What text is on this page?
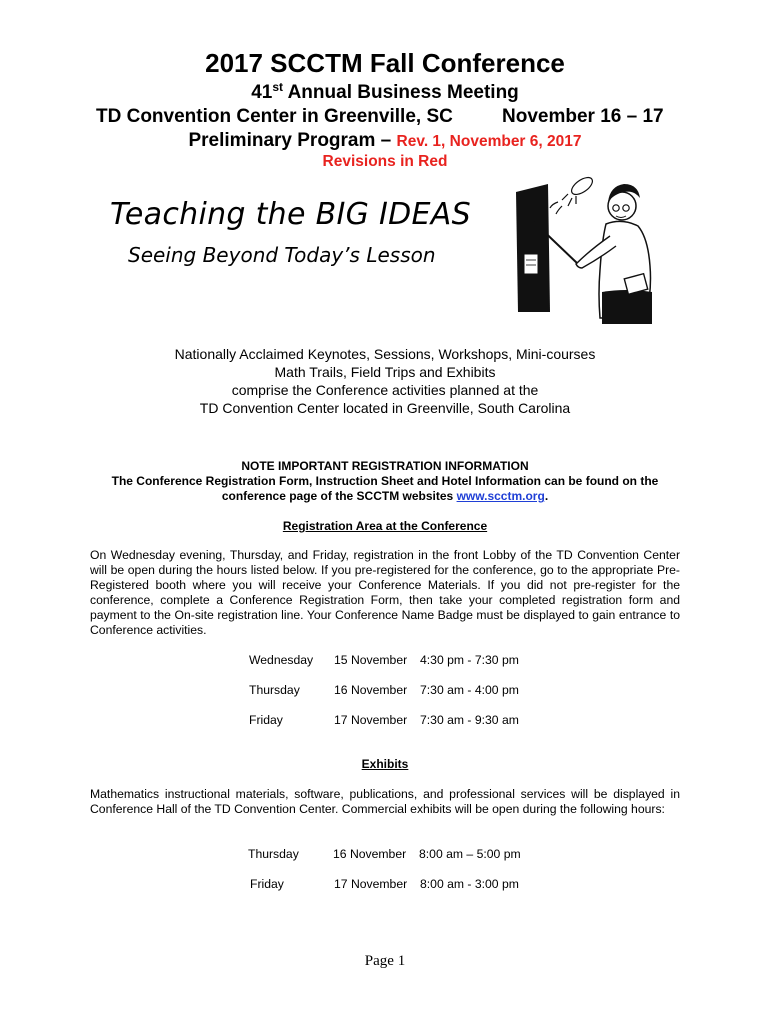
2017 SCCTM Fall Conference
41st Annual Business Meeting
TD Convention Center in Greenville, SC	November 16 – 17
Preliminary Program – Rev. 1, November 6, 2017
Revisions in Red
Teaching the BIG IDEAS
Seeing Beyond Today’s Lesson
Nationally Acclaimed Keynotes, Sessions, Workshops, Mini-courses
Math Trails, Field Trips and Exhibits
comprise the Conference activities planned at the
TD Convention Center located in Greenville, South Carolina
NOTE IMPORTANT REGISTRATION INFORMATION
The Conference Registration Form, Instruction Sheet and Hotel Information can be found on the
conference page of the SCCTM websites www.scctm.org.
Registration Area at the Conference
On Wednesday evening, Thursday, and Friday, registration in the front Lobby of the TD Convention Center will be open during the hours listed below. If you pre-registered for the conference, go to the appropriate Pre-Registered booth where you will receive your Conference Materials. If you did not pre-register for the conference, complete a Conference Registration Form, then take your completed registration form and payment to the On-site registration line. Your Conference Name Badge must be displayed to gain entrance to Conference activities.
Wednesday 15 November 4:30 pm - 7:30 pm
Thursday	16 November 7:30 am - 4:00 pm
Friday	17 November 7:30 am - 9:30 am
Exhibits
Mathematics instructional materials, software, publications, and professional services will be displayed in Conference Hall of the TD Convention Center. Commercial exhibits will be open during the following hours:
Thursday	16 November 8:00 am – 5:00 pm
Friday	17 November 8:00 am - 3:00 pm
Page 1
